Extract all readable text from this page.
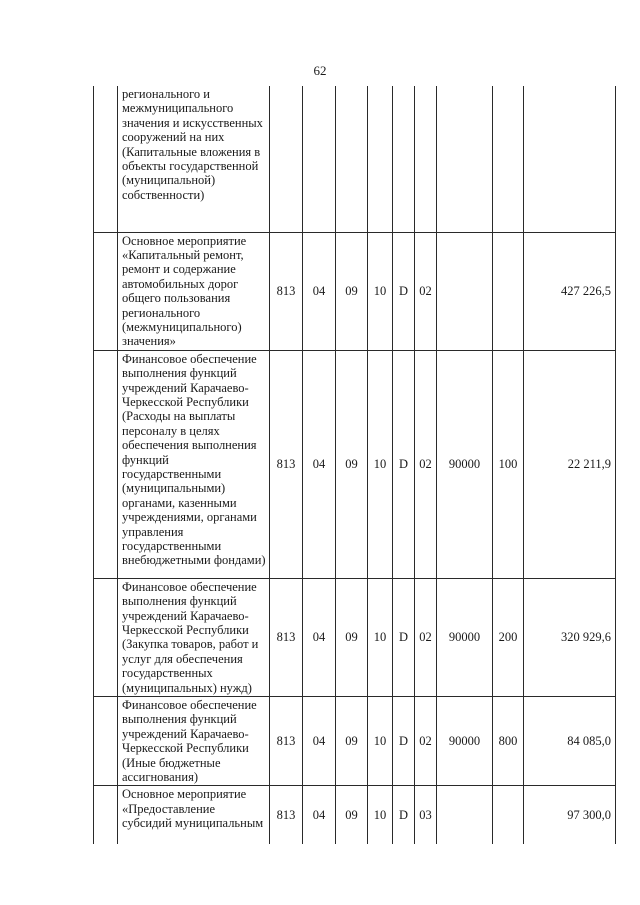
62
	регионального и межмуниципального значения и искусственных сооружений на них (Капитальные вложения в объекты государственной (муниципальной) собственности)									
	Основное мероприятие «Капитальный ремонт, ремонт и содержание автомобильных дорог общего пользования регионального (межмуниципального) значения»	813	04	09	10	D	02			427 226,5
	Финансовое обеспечение выполнения функций учреждений Карачаево-Черкесской Республики (Расходы на выплаты персоналу в целях обеспечения выполнения функций государственными (муниципальными) органами, казенными учреждениями, органами управления государственными внебюджетными фондами)	813	04	09	10	D	02	90000	100	22 211,9
	Финансовое обеспечение выполнения функций учреждений Карачаево-Черкесской Республики (Закупка товаров, работ и услуг для обеспечения государственных (муниципальных) нужд)	813	04	09	10	D	02	90000	200	320 929,6
	Финансовое обеспечение выполнения функций учреждений Карачаево-Черкесской Республики (Иные бюджетные ассигнования)	813	04	09	10	D	02	90000	800	84 085,0
	Основное мероприятие «Предоставление субсидий муниципальным	813	04	09	10	D	03			97 300,0
